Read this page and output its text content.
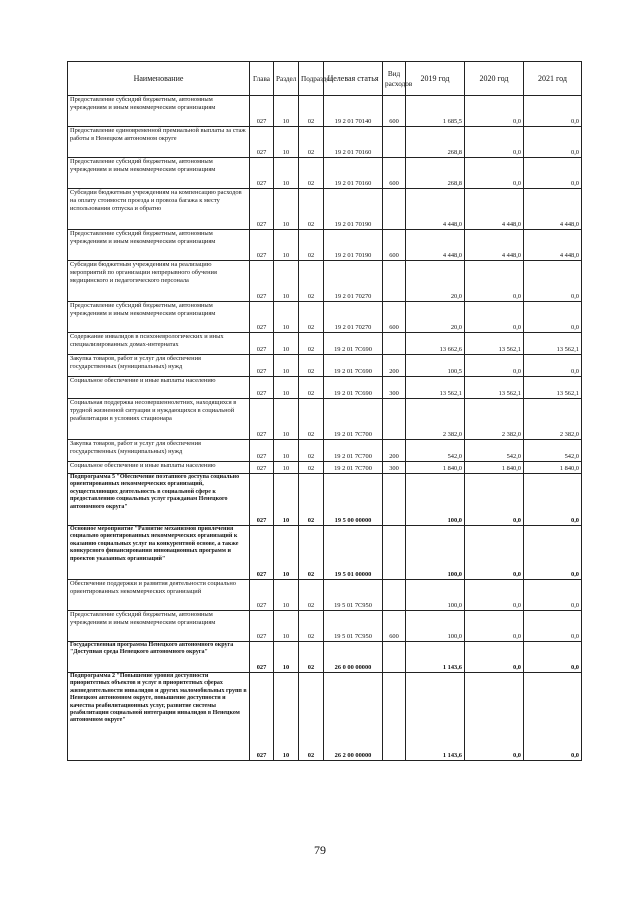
Наименование	Глава	Раздел	Подраздел	Целевая статья	Вид расходов	2019 год	2020 год	2021 год
Предоставление субсидий бюджетным, автономным учреждениям и иным некоммерческим организациям	027	10	02	19 2 01 70140	600	1 685,5	0,0	0,0
Предоставление единовременной премиальной выплаты за стаж работы в Ненецком автономном округе	027	10	02	19 2 01 70160		268,8	0,0	0,0
Предоставление субсидий бюджетным, автономным учреждениям и иным некоммерческим организациям	027	10	02	19 2 01 70160	600	268,8	0,0	0,0
Субсидии бюджетным учреждениям на компенсацию расходов на оплату стоимости проезда и провоза багажа к месту использования отпуска и обратно	027	10	02	19 2 01 70190		4 448,0	4 448,0	4 448,0
Предоставление субсидий бюджетным, автономным учреждениям и иным некоммерческим организациям	027	10	02	19 2 01 70190	600	4 448,0	4 448,0	4 448,0
Субсидии бюджетным учреждениям на реализацию мероприятий по организации непрерывного обучения медицинского и педагогического персонала	027	10	02	19 2 01 70270		20,0	0,0	0,0
Предоставление субсидий бюджетным, автономным учреждениям и иным некоммерческим организациям	027	10	02	19 2 01 70270	600	20,0	0,0	0,0
Содержание инвалидов в психоневрологических и иных специализированных домах-интернатах	027	10	02	19 2 01 7С690		13 662,6	13 562,1	13 562,1
Закупка товаров, работ и услуг для обеспечения государственных (муниципальных) нужд	027	10	02	19 2 01 7С690	200	100,5	0,0	0,0
Социальное обеспечение и иные выплаты населению	027	10	02	19 2 01 7С690	300	13 562,1	13 562,1	13 562,1
Социальная поддержка несовершеннолетних, находящихся в трудной жизненной ситуации и нуждающихся в социальной реабилитации в условиях стационара	027	10	02	19 2 01 7С700		2 382,0	2 382,0	2 382,0
Закупка товаров, работ и услуг для обеспечения государственных (муниципальных) нужд	027	10	02	19 2 01 7С700	200	542,0	542,0	542,0
Социальное обеспечение и иные выплаты населению	027	10	02	19 2 01 7С700	300	1 840,0	1 840,0	1 840,0
Подпрограмма 5 "Обеспечение поэтапного доступа социально ориентированных некоммерческих организаций, осуществляющих деятельность в социальной сфере к предоставлению социальных услуг гражданам Ненецкого автономного округа"	027	10	02	19 5 00 00000		100,0	0,0	0,0
Основное мероприятие "Развитие механизмов привлечения социально ориентированных некоммерческих организаций к оказанию социальных услуг на конкурентной основе, а также конкурсного финансирования инновационных программ и проектов указанных организаций"	027	10	02	19 5 01 00000		100,0	0,0	0,0
Обеспечение поддержки и развития деятельности социально ориентированных некоммерческих организаций	027	10	02	19 5 01 7С950		100,0	0,0	0,0
Предоставление субсидий бюджетным, автономным учреждениям и иным некоммерческим организациям	027	10	02	19 5 01 7С950	600	100,0	0,0	0,0
Государственная программа Ненецкого автономного округа "Доступная среда Ненецкого автономного округа"	027	10	02	26 0 00 00000		1 143,6	0,0	0,0
Подпрограмма 2 "Повышение уровня доступности приоритетных объектов и услуг в приоритетных сферах жизнедеятельности инвалидов и других маломобильных групп в Ненецком автономном округе, повышение доступности и качества реабилитационных услуг, развитие системы реабилитации социальной интеграции инвалидов в Ненецком автономном округе"	027	10	02	26 2 00 00000		1 143,6	0,0	0,0
79
